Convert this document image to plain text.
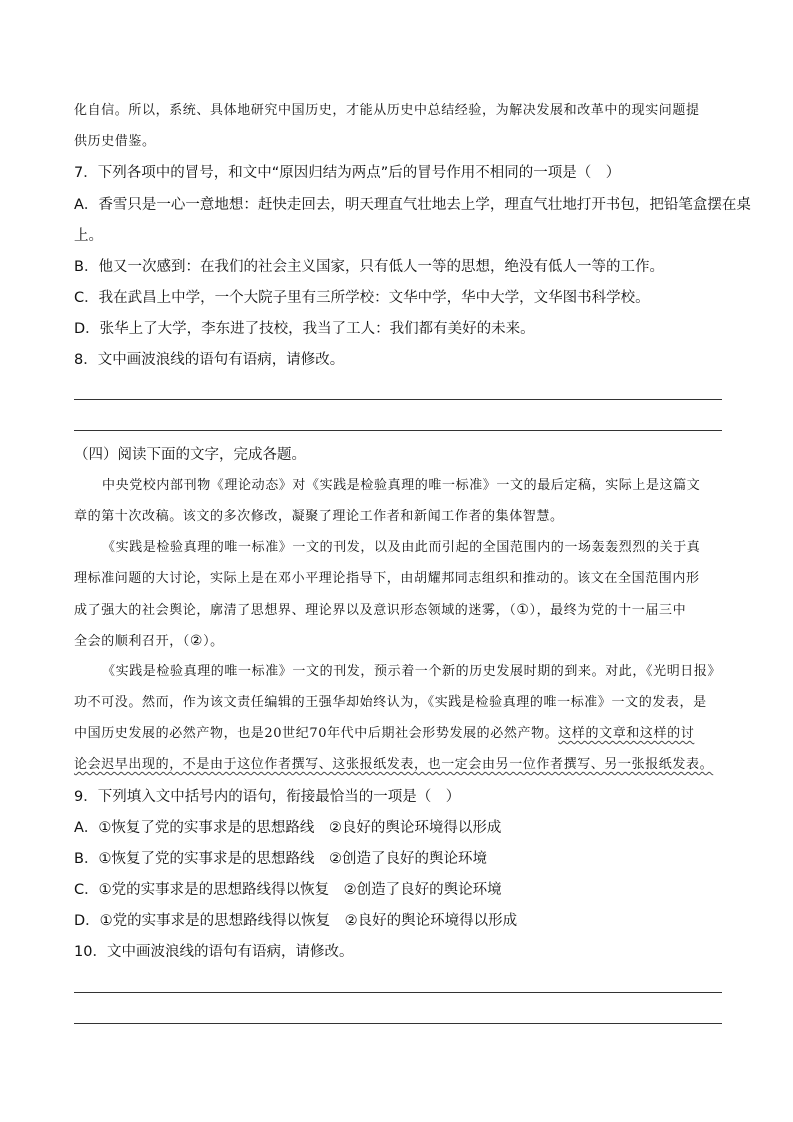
化自信。所以，系统、具体地研究中国历史，才能从历史中总结经验，为解决发展和改革中的现实问题提
供历史借鉴。
7．下列各项中的冒号，和文中“原因归结为两点”后的冒号作用不相同的一项是（　）
A．香雪只是一心一意地想：赶快走回去，明天理直气壮地去上学，理直气壮地打开书包，把铅笔盒摆在桌
上。
B．他又一次感到：在我们的社会主义国家，只有低人一等的思想，绝没有低人一等的工作。
C．我在武昌上中学，一个大院子里有三所学校：文华中学，华中大学，文华图书科学校。
D．张华上了大学，李东进了技校，我当了工人：我们都有美好的未来。
8．文中画波浪线的语句有语病，请修改。
（四）阅读下面的文字，完成各题。
中央党校内部刊物《理论动态》对《实践是检验真理的唯一标准》一文的最后定稿，实际上是这篇文
章的第十次改稿。该文的多次修改，凝聚了理论工作者和新闻工作者的集体智慧。
《实践是检验真理的唯一标准》一文的刊发，以及由此而引起的全国范围内的一场轰轰烈烈的关于真
理标准问题的大讨论，实际上是在邓小平理论指导下，由胡耀邦同志组织和推动的。该文在全国范围内形
成了强大的社会舆论，廓清了思想界、理论界以及意识形态领域的迷雾，（①），最终为党的十一届三中
全会的顺利召开，（②）。
《实践是检验真理的唯一标准》一文的刊发，预示着一个新的历史发展时期的到来。对此，《光明日报》
功不可没。然而，作为该文责任编辑的王强华却始终认为，《实践是检验真理的唯一标准》一文的发表，是
中国历史发展的必然产物，也是20世纪70年代中后期社会形势发展的必然产物。这样的文章和这样的讨
论会迟早出现的，不是由于这位作者撰写、这张报纸发表，也一定会由另一位作者撰写、另一张报纸发表。
9．下列填入文中括号内的语句，衔接最恰当的一项是（　）
A．①恢复了党的实事求是的思想路线　②良好的舆论环境得以形成
B．①恢复了党的实事求是的思想路线　②创造了良好的舆论环境
C．①党的实事求是的思想路线得以恢复　②创造了良好的舆论环境
D．①党的实事求是的思想路线得以恢复　②良好的舆论环境得以形成
10．文中画波浪线的语句有语病，请修改。
